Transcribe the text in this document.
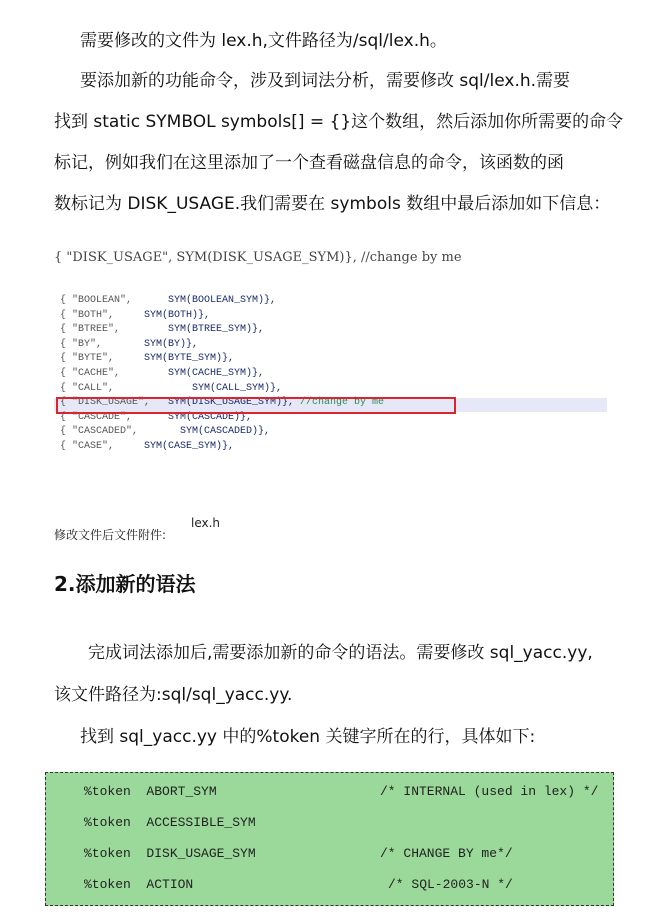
需要修改的文件为 lex.h,文件路径为/sql/lex.h。
要添加新的功能命令，涉及到词法分析，需要修改 sql/lex.h.需要
找到 static SYMBOL symbols[] = {}这个数组，然后添加你所需要的命令
标记，例如我们在这里添加了一个查看磁盘信息的命令，该函数的函
数标记为 DISK_USAGE.我们需要在 symbols 数组中最后添加如下信息：
{ "DISK_USAGE", SYM(DISK_USAGE_SYM)}, //change by me
{ "BOOLEAN",      SYM(BOOLEAN_SYM)},
{ "BOTH",     SYM(BOTH)},
{ "BTREE",        SYM(BTREE_SYM)},
{ "BY",       SYM(BY)},
{ "BYTE",     SYM(BYTE_SYM)},
{ "CACHE",        SYM(CACHE_SYM)},
{ "CALL",             SYM(CALL_SYM)},
{ "DISK_USAGE",   SYM(DISK_USAGE_SYM)}, //change by me
{ "CASCADE",      SYM(CASCADE)},
{ "CASCADED",       SYM(CASCADED)},
{ "CASE",     SYM(CASE_SYM)},
修改文件后文件附件:
lex.h
2.添加新的语法
完成词法添加后,需要添加新的命令的语法。需要修改 sql_yacc.yy,
该文件路径为:sql/sql_yacc.yy.
找到 sql_yacc.yy 中的%token 关键字所在的行，具体如下:
%token  ABORT_SYM	/* INTERNAL (used in lex) */
%token  ACCESSIBLE_SYM
%token  DISK_USAGE_SYM	/* CHANGE BY me*/
%token  ACTION	/* SQL-2003-N */
